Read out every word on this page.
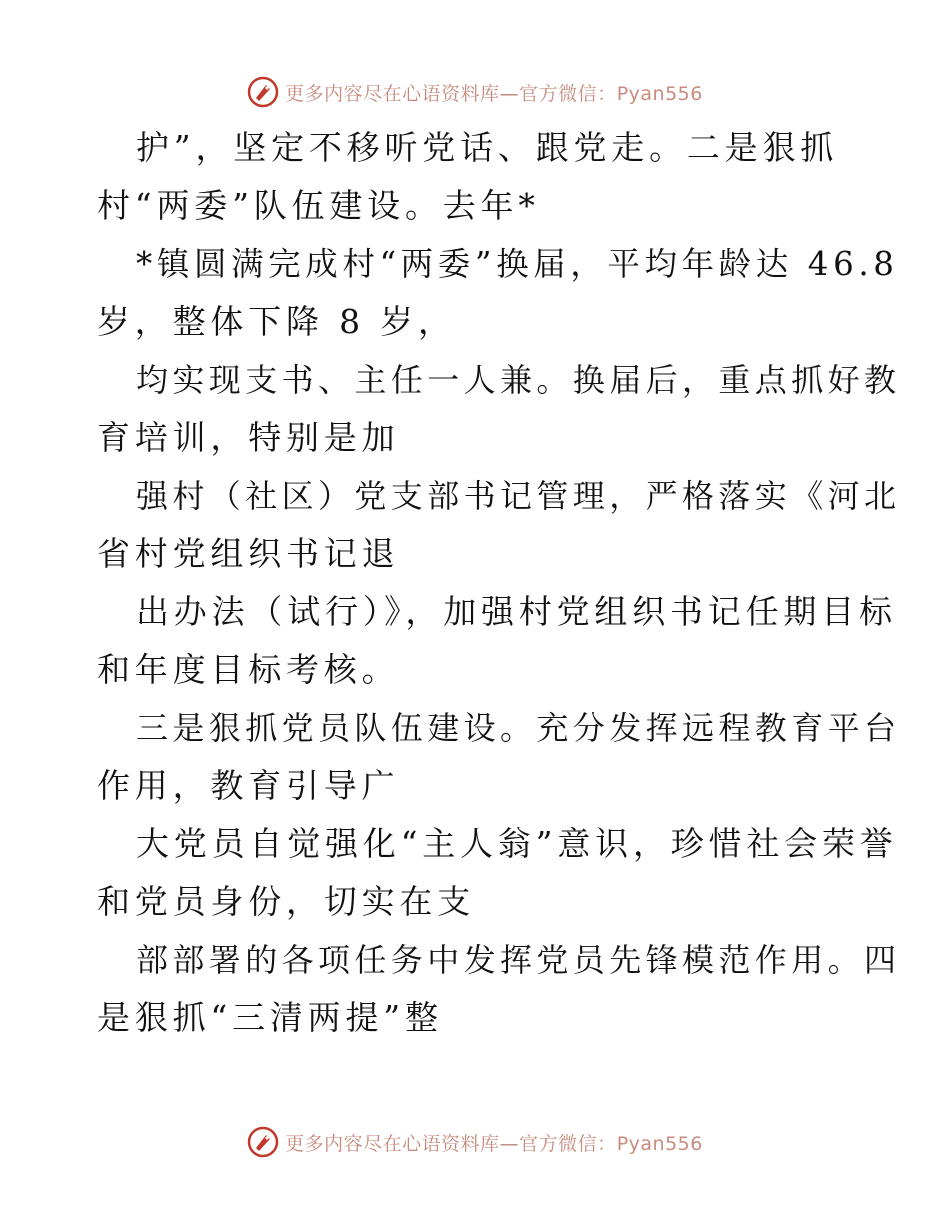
更多内容尽在心语资料库—官方微信：Pyan556
护”，坚定不移听党话、跟党走。二是狠抓
村“两委”队伍建设。去年*
*镇圆满完成村“两委”换届，平均年龄达 46.8
岁，整体下降 8 岁，
均实现支书、主任一人兼。换届后，重点抓好教
育培训，特别是加
强村（社区）党支部书记管理，严格落实《河北
省村党组织书记退
出办法（试行）》，加强村党组织书记任期目标
和年度目标考核。
三是狠抓党员队伍建设。充分发挥远程教育平台
作用，教育引导广
大党员自觉强化“主人翁”意识，珍惜社会荣誉
和党员身份，切实在支
部部署的各项任务中发挥党员先锋模范作用。四
是狠抓“三清两提”整
更多内容尽在心语资料库—官方微信：Pyan556
